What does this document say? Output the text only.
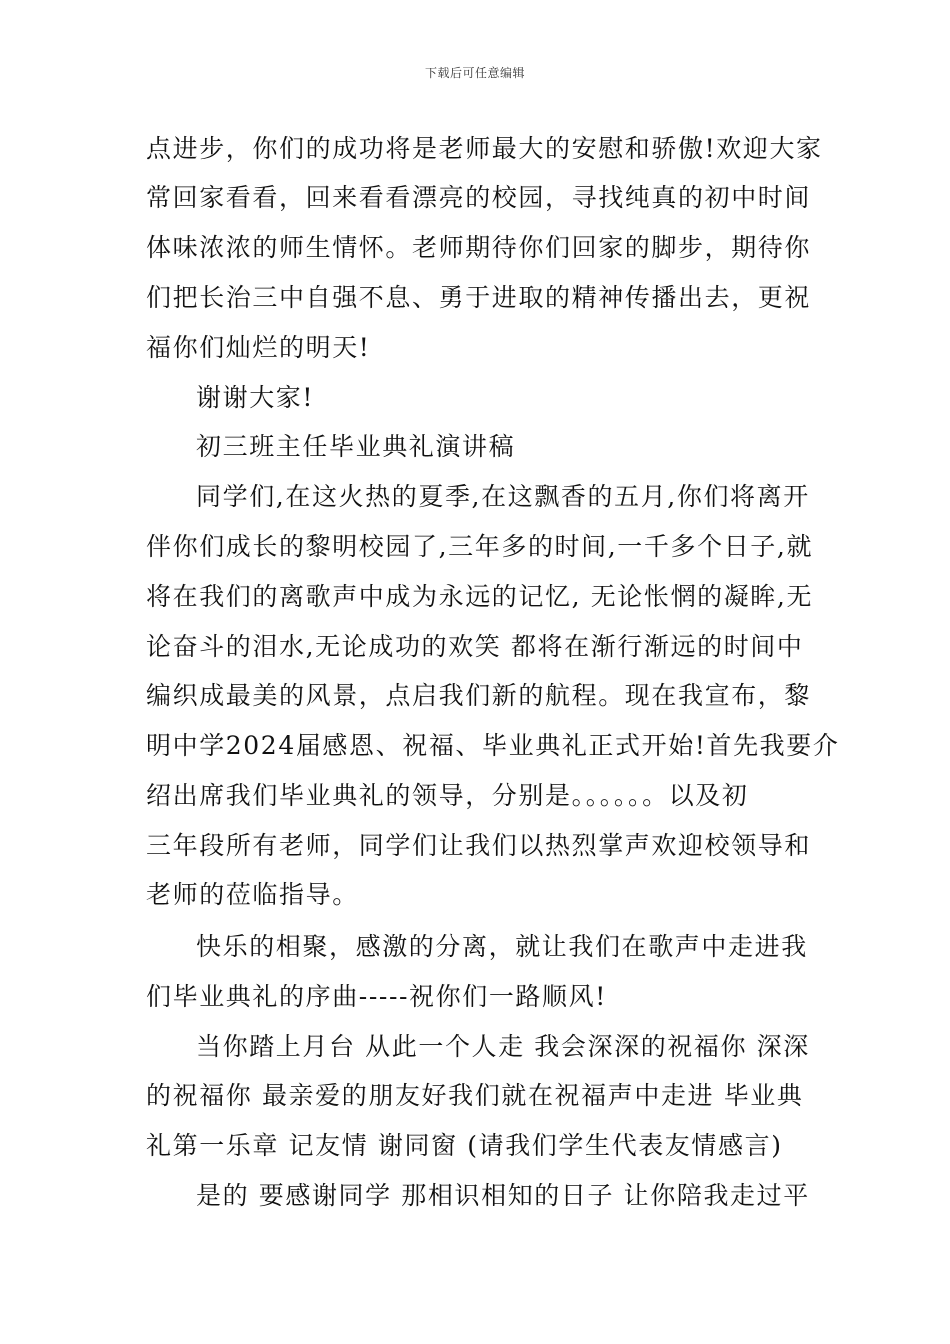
下载后可任意编辑
点进步，你们的成功将是老师最大的安慰和骄傲!欢迎大家
常回家看看，回来看看漂亮的校园，寻找纯真的初中时间
体味浓浓的师生情怀。老师期待你们回家的脚步，期待你
们把长治三中自强不息、勇于进取的精神传播出去，更祝
福你们灿烂的明天!
谢谢大家!
初三班主任毕业典礼演讲稿
同学们,在这火热的夏季,在这飘香的五月,你们将离开
伴你们成长的黎明校园了,三年多的时间,一千多个日子,就
将在我们的离歌声中成为永远的记忆, 无论怅惘的凝眸,无
论奋斗的泪水,无论成功的欢笑 都将在渐行渐远的时间中
编织成最美的风景，点启我们新的航程。现在我宣布，黎
明中学2024届感恩、祝福、毕业典礼正式开始!首先我要介
绍出席我们毕业典礼的领导，分别是。。。。。。以及初
三年段所有老师，同学们让我们以热烈掌声欢迎校领导和
老师的莅临指导。
快乐的相聚，感激的分离，就让我们在歌声中走进我
们毕业典礼的序曲-----祝你们一路顺风!
当你踏上月台 从此一个人走 我会深深的祝福你 深深
的祝福你 最亲爱的朋友好我们就在祝福声中走进 毕业典
礼第一乐章 记友情 谢同窗 (请我们学生代表友情感言)
是的 要感谢同学 那相识相知的日子 让你陪我走过平
